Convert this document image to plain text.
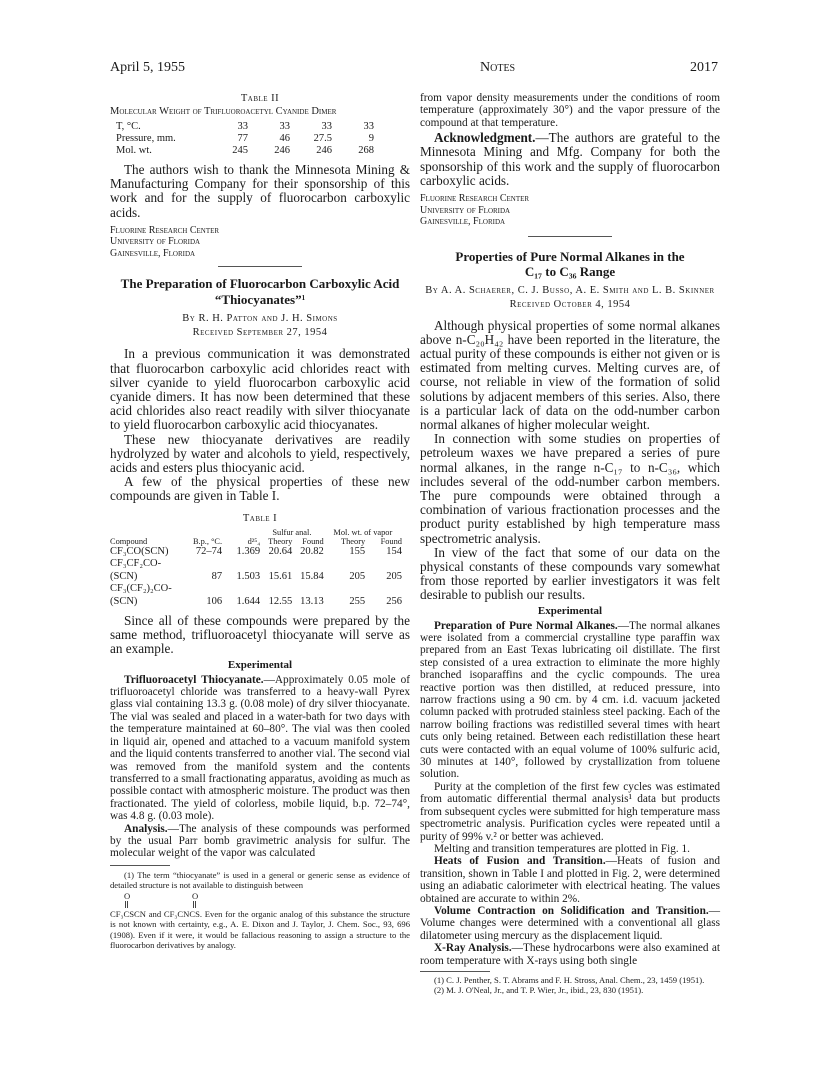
April 5, 1955	Notes	2017

Table II

Molecular Weight of Trifluoroacetyl Cyanide Dimer

T, °C.	33	33	33	33
Pressure, mm.	77	46	27.5	9
Mol. wt.	245	246	246	268

The authors wish to thank the Minnesota Mining & Manufacturing Company for their sponsorship of this work and for the supply of fluorocarbon carboxylic acids.

Fluorine Research Center

University of Florida

Gainesville, Florida

The Preparation of Fluorocarbon Carboxylic Acid “Thiocyanates”$^1$

By R. H. Patton and J. H. Simons

Received September 27, 1954

In a previous communication it was demonstrated that fluorocarbon carboxylic acid chlorides react with silver cyanide to yield fluorocarbon carboxylic acid cyanide dimers. It has now been determined that these acid chlorides also react readily with silver thiocyanate to yield fluorocarbon carboxylic acid thiocyanates.

These new thiocyanate derivatives are readily hydrolyzed by water and alcohols to yield, respectively, acids and esters plus thiocyanic acid.

A few of the physical properties of these new compounds are given in Table I.

Table I

Compound	B.p., °C.	d²⁵₄	Sulfur anal.		Mol. wt. of vapor	
			Theory	Found	Theory	Found
CF₃CO(SCN)	72–74	1.369	20.64	20.82	155	154
CF₃CF₂CO-						
(SCN)	87	1.503	15.61	15.84	205	205
CF₃(CF₂)₂CO-						
(SCN)	106	1.644	12.55	13.13	255	256

Since all of these compounds were prepared by the same method, trifluoroacetyl thiocyanate will serve as an example.

Experimental

Trifluoroacetyl Thiocyanate.—Approximately 0.05 mole of trifluoroacetyl chloride was transferred to a heavy-wall Pyrex glass vial containing 13.3 g. (0.08 mole) of dry silver thiocyanate. The vial was sealed and placed in a water-bath for two days with the temperature maintained at 60–80°. The vial was then cooled in liquid air, opened and attached to a vacuum manifold system and the liquid contents transferred to another vial. The second vial was removed from the manifold system and the contents transferred to a small fractionating apparatus, avoiding as much as possible contact with atmospheric moisture. The product was then fractionated. The yield of colorless, mobile liquid, b.p. 72–74°, was 4.8 g. (0.03 mole).

Analysis.—The analysis of these compounds was performed by the usual Parr bomb gravimetric analysis for sulfur. The molecular weight of the vapor was calculated

(1) The term “thiocyanate” is used in a general or generic sense as evidence of detailed structure is not available to distinguish between

O	O

CF₃CSCN and CF₃CNCS. Even for the organic analog of this substance the structure is not known with certainty, e.g., A. E. Dixon and J. Taylor, J. Chem. Soc., 93, 696 (1908). Even if it were, it would be fallacious reasoning to assign a structure to the fluorocarbon derivatives by analogy.

from vapor density measurements under the conditions of room temperature (approximately 30°) and the vapor pressure of the compound at that temperature.

Acknowledgment.—The authors are grateful to the Minnesota Mining and Mfg. Company for both the sponsorship of this work and the supply of fluorocarbon carboxylic acids.

Fluorine Research Center

University of Florida

Gainesville, Florida

Properties of Pure Normal Alkanes in the

C₁₇ to C₃₆ Range

By A. A. Schaerer, C. J. Busso, A. E. Smith and L. B. Skinner

Received October 4, 1954

Although physical properties of some normal alkanes above n-C₂₀H₄₂ have been reported in the literature, the actual purity of these compounds is either not given or is estimated from melting curves. Melting curves are, of course, not reliable in view of the formation of solid solutions by adjacent members of this series. Also, there is a particular lack of data on the odd-number carbon normal alkanes of higher molecular weight.

In connection with some studies on properties of petroleum waxes we have prepared a series of pure normal alkanes, in the range n-C₁₇ to n-C₃₆, which includes several of the odd-number carbon members. The pure compounds were obtained through a combination of various fractionation processes and the product purity established by high temperature mass spectrometric analysis.

In view of the fact that some of our data on the physical constants of these compounds vary somewhat from those reported by earlier investigators it was felt desirable to publish our results.

Experimental

Preparation of Pure Normal Alkanes.—The normal alkanes were isolated from a commercial crystalline type paraffin wax prepared from an East Texas lubricating oil distillate. The first step consisted of a urea extraction to eliminate the more highly branched isoparaffins and the cyclic compounds. The urea reactive portion was then distilled, at reduced pressure, into narrow fractions using a 90 cm. by 4 cm. i.d. vacuum jacketed column packed with protruded stainless steel packing. Each of the narrow boiling fractions was redistilled several times with heart cuts only being retained. Between each redistillation these heart cuts were contacted with an equal volume of 100% sulfuric acid, 30 minutes at 140°, followed by crystallization from toluene solution.

Purity at the completion of the first few cycles was estimated from automatic differential thermal analysis¹ data but products from subsequent cycles were submitted for high temperature mass spectrometric analysis. Purification cycles were repeated until a purity of 99% v.² or better was achieved.

Melting and transition temperatures are plotted in Fig. 1.

Heats of Fusion and Transition.—Heats of fusion and transition, shown in Table I and plotted in Fig. 2, were determined using an adiabatic calorimeter with electrical heating. The values obtained are accurate to within 2%.

Volume Contraction on Solidification and Transition.—Volume changes were determined with a conventional all glass dilatometer using mercury as the displacement liquid.

X-Ray Analysis.—These hydrocarbons were also examined at room temperature with X-rays using both single

(1) C. J. Penther, S. T. Abrams and F. H. Stross, Anal. Chem., 23, 1459 (1951).

(2) M. J. O'Neal, Jr., and T. P. Wier, Jr., ibid., 23, 830 (1951).
